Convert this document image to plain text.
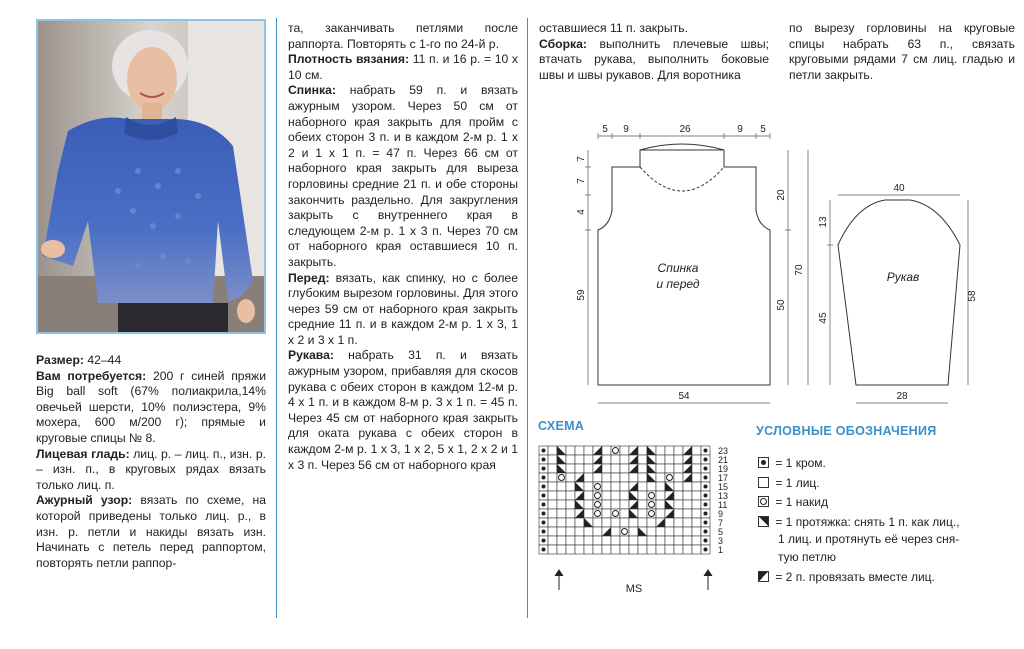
Размер: 42–44

Вам потребуется: 200 г синей пряжи Big ball soft (67% полиакрила,14% овечьей шерсти, 10% полиэстера, 9% мохера, 600 м/200 г); прямые и круговые спицы № 8.

Лицевая гладь: лиц. р. – лиц. п., изн. р. – изн. п., в круговых рядах вязать только лиц. п.

Ажурный узор: вязать по схеме, на которой приведены только лиц. р., в изн. р. петли и накиды вязать изн. Начинать с петель перед раппортом, повторять петли раппор-

та, заканчивать петлями после раппорта. Повторять с 1-го по 24-й р.

Плотность вязания: 11 п. и 16 р. = 10 х 10 см.

Спинка: набрать 59 п. и вязать ажурным узором. Через 50 см от наборного края закрыть для пройм с обеих сторон 3 п. и в каждом 2-м р. 1 х 2 и 1 х 1 п. = 47 п. Через 66 см от наборного края закрыть для выреза горловины средние 21 п. и обе стороны закончить раздельно. Для закругления закрыть с внутреннего края в следующем 2-м р. 1 х 3 п. Через 70 см от наборного края оставшиеся 10 п. закрыть.

Перед: вязать, как спинку, но с более глубоким вырезом горловины. Для этого через 59 см от наборного края закрыть средние 11 п. и в каждом 2-м р. 1 х 3, 1 х 2 и 3 х 1 п.

Рукава: набрать 31 п. и вязать ажурным узором, прибавляя для скосов рукава с обеих сторон в каждом 12-м р. 4 х 1 п. и в каждом 8-м р. 3 х 1 п. = 45 п. Через 45 см от наборного края закрыть для оката рукава с обеих сторон в каждом 2-м р. 1 х 3, 1 х 2, 5 х 1, 2 х 2 и 1 х 3 п. Через 56 см от наборного края

оставшиеся 11 п. закрыть.

Сборка: выполнить плечевые швы; втачать рукава, выполнить боковые швы и швы рукавов. Для воротника

по вырезу горловины на круговые спицы набрать 63 п., связать круговыми рядами 7 см лиц. гладью и петли закрыть.

Спинка
и перед	Рукав
5 9	26	9 5
7
7
4
59
20
50
70
54
40
13
45
58
28
СХЕМА
23
21
19
17
15
13
11
9
7
5
3
1
MS
УСЛОВНЫЕ ОБОЗНАЧЕНИЯ
= 1 кром.
= 1 лиц.
= 1 накид
= 1 протяжка: снять 1 п. как лиц.,
1 лиц. и протянуть её через сня-
тую петлю
= 2 п. провязать вместе лиц.
